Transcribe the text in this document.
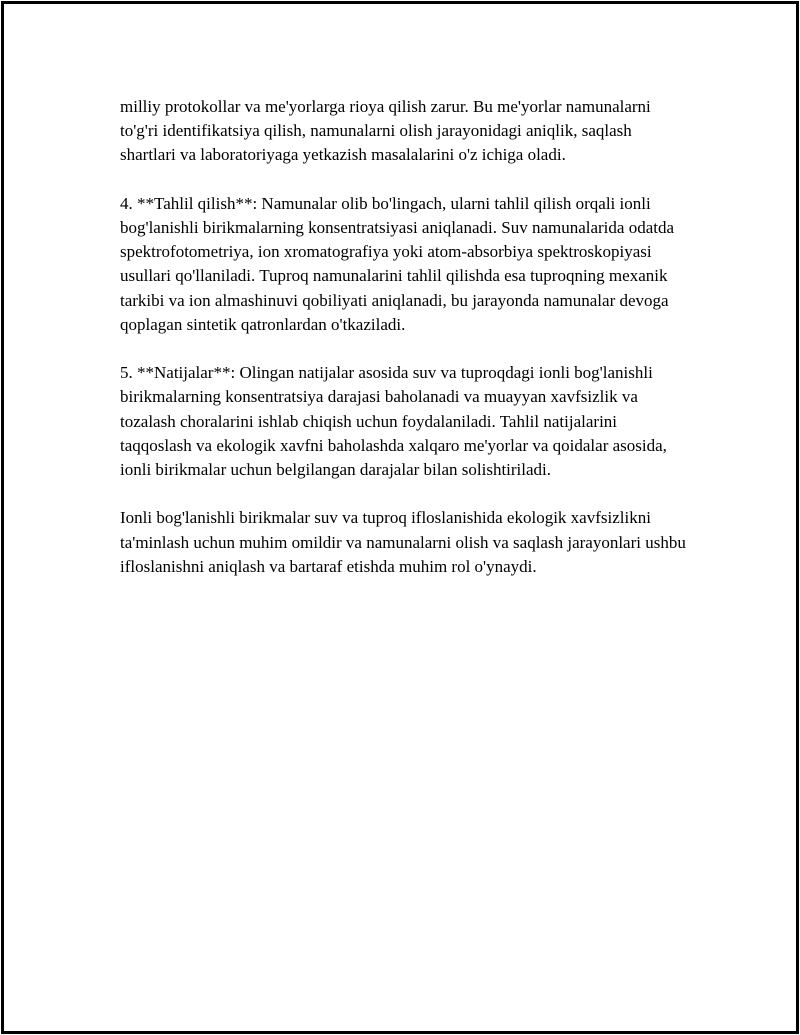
milliy protokollar va me'yorlarga rioya qilish zarur. Bu me'yorlar namunalarni to'g'ri identifikatsiya qilish, namunalarni olish jarayonidagi aniqlik, saqlash shartlari va laboratoriyaga yetkazish masalalarini o'z ichiga oladi.

4. **Tahlil qilish**: Namunalar olib bo'lingach, ularni tahlil qilish orqali ionli bog'lanishli birikmalarning konsentratsiyasi aniqlanadi. Suv namunalarida odatda spektrofotometriya, ion xromatografiya yoki atom-absorbiya spektroskopiyasi usullari qo'llaniladi. Tuproq namunalarini tahlil qilishda esa tuproqning mexanik tarkibi va ion almashinuvi qobiliyati aniqlanadi, bu jarayonda namunalar devoga qoplagan sintetik qatronlardan o'tkaziladi.

5. **Natijalar**: Olingan natijalar asosida suv va tuproqdagi ionli bog'lanishli birikmalarning konsentratsiya darajasi baholanadi va muayyan xavfsizlik va tozalash choralarini ishlab chiqish uchun foydalaniladi. Tahlil natijalarini taqqoslash va ekologik xavfni baholashda xalqaro me'yorlar va qoidalar asosida, ionli birikmalar uchun belgilangan darajalar bilan solishtiriladi.

Ionli bog'lanishli birikmalar suv va tuproq ifloslanishida ekologik xavfsizlikni ta'minlash uchun muhim omildir va namunalarni olish va saqlash jarayonlari ushbu ifloslanishni aniqlash va bartaraf etishda muhim rol o'ynaydi.
